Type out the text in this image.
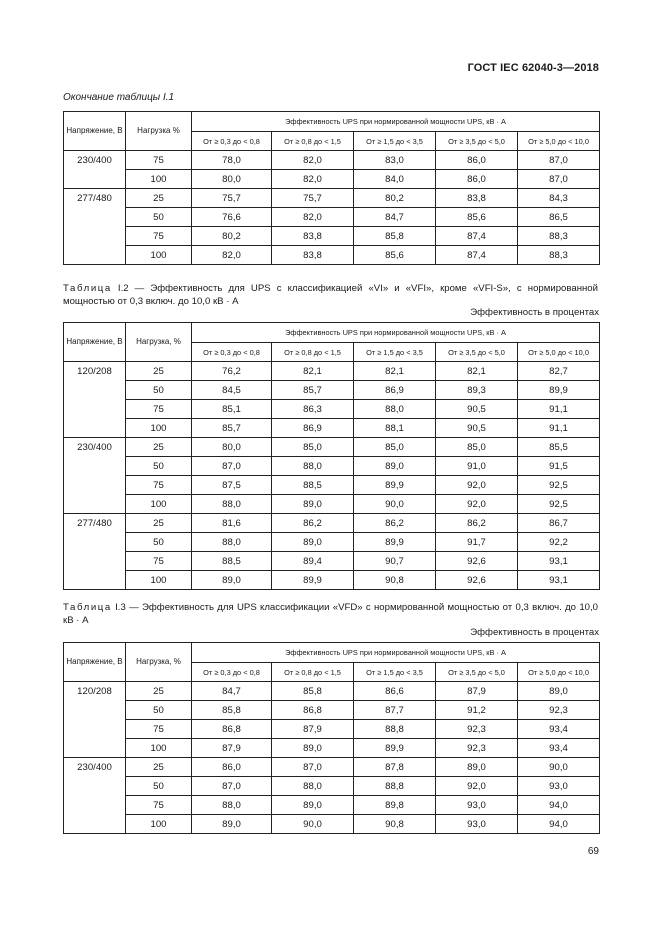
ГОСТ IEC 62040-3—2018
Окончание таблицы I.1
Напряжение, В	Нагрузка %	Эффективность UPS при нормированной мощности UPS, кВ · А				
		От ≥ 0,3 до < 0,8	От ≥ 0,8 до < 1,5	От ≥ 1,5 до < 3,5	От ≥ 3,5 до < 5,0	От ≥ 5,0 до < 10,0
230/400	75	78,0	82,0	83,0	86,0	87,0
	100	80,0	82,0	84,0	86,0	87,0
277/480	25	75,7	75,7	80,2	83,8	84,3
	50	76,6	82,0	84,7	85,6	86,5
	75	80,2	83,8	85,8	87,4	88,3
	100	82,0	83,8	85,6	87,4	88,3
Таблица I.2 — Эффективность для UPS с классификацией «VI» и «VFI», кроме «VFI-S», с нормированной мощностью от 0,3 включ. до 10,0 кВ · А
Эффективность в процентах
Напряжение, В	Нагрузка, %	Эффективность UPS при нормированной мощности UPS, кВ · А				
		От ≥ 0,3 до < 0,8	От ≥ 0,8 до < 1,5	От ≥ 1,5 до < 3,5	От ≥ 3,5 до < 5,0	От ≥ 5,0 до < 10,0
120/208	25	76,2	82,1	82,1	82,1	82,7
	50	84,5	85,7	86,9	89,3	89,9
	75	85,1	86,3	88,0	90,5	91,1
	100	85,7	86,9	88,1	90,5	91,1
230/400	25	80,0	85,0	85,0	85,0	85,5
	50	87,0	88,0	89,0	91,0	91,5
	75	87,5	88,5	89,9	92,0	92,5
	100	88,0	89,0	90,0	92,0	92,5
277/480	25	81,6	86,2	86,2	86,2	86,7
	50	88,0	89,0	89,9	91,7	92,2
	75	88,5	89,4	90,7	92,6	93,1
	100	89,0	89,9	90,8	92,6	93,1
Таблица I.3 — Эффективность для UPS классификации «VFD» с нормированной мощностью от 0,3 включ. до 10,0 кВ · А
Эффективность в процентах
Напряжение, В	Нагрузка, %	Эффективность UPS при нормированной мощности UPS, кВ · А				
		От ≥ 0,3 до < 0,8	От ≥ 0,8 до < 1,5	От ≥ 1,5 до < 3,5	От ≥ 3,5 до < 5,0	От ≥ 5,0 до < 10,0
120/208	25	84,7	85,8	86,6	87,9	89,0
	50	85,8	86,8	87,7	91,2	92,3
	75	86,8	87,9	88,8	92,3	93,4
	100	87,9	89,0	89,9	92,3	93,4
230/400	25	86,0	87,0	87,8	89,0	90,0
	50	87,0	88,0	88,8	92,0	93,0
	75	88,0	89,0	89,8	93,0	94,0
	100	89,0	90,0	90,8	93,0	94,0
69
